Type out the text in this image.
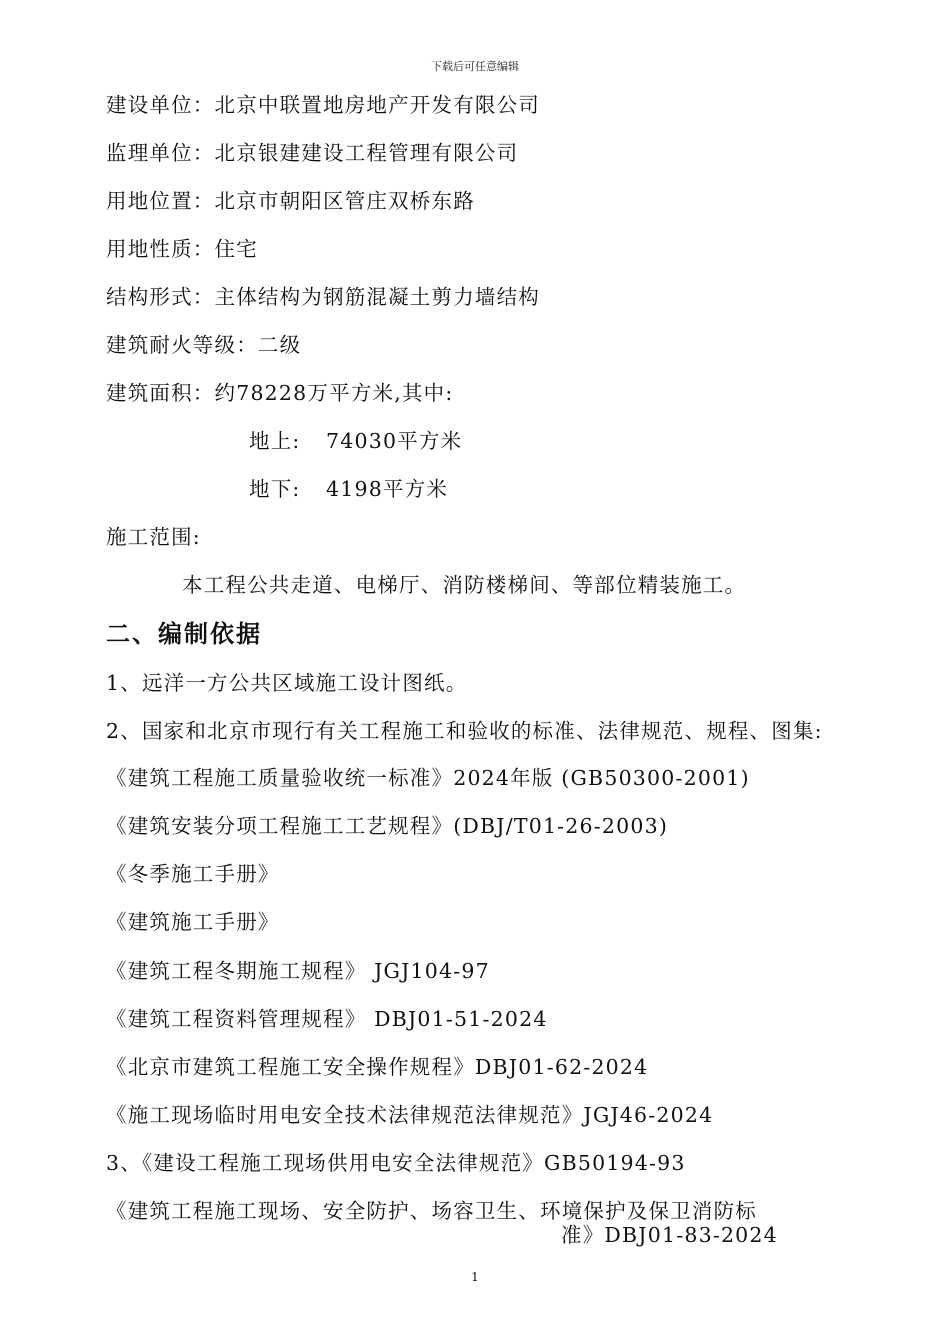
下载后可任意编辑
建设单位：北京中联置地房地产开发有限公司
监理单位：北京银建建设工程管理有限公司
用地位置：北京市朝阳区管庄双桥东路
用地性质：住宅
结构形式：主体结构为钢筋混凝土剪力墙结构
建筑耐火等级：二级
建筑面积：约78228万平方米,其中:
地上: 74030平方米
地下: 4198平方米
施工范围:
本工程公共走道、电梯厅、消防楼梯间、等部位精装施工。
二、编制依据
1、远洋一方公共区域施工设计图纸。
2、国家和北京市现行有关工程施工和验收的标准、法律规范、规程、图集:
《建筑工程施工质量验收统一标准》2024年版 (GB50300-2001)
《建筑安装分项工程施工工艺规程》(DBJ/T01-26-2003)
《冬季施工手册》
《建筑施工手册》
《建筑工程冬期施工规程》 JGJ104-97
《建筑工程资料管理规程》 DBJ01-51-2024
《北京市建筑工程施工安全操作规程》DBJ01-62-2024
《施工现场临时用电安全技术法律规范法律规范》JGJ46-2024
3、《建设工程施工现场供用电安全法律规范》GB50194-93
《建筑工程施工现场、安全防护、场容卫生、环境保护及保卫消防标
准》DBJ01-83-2024
1
